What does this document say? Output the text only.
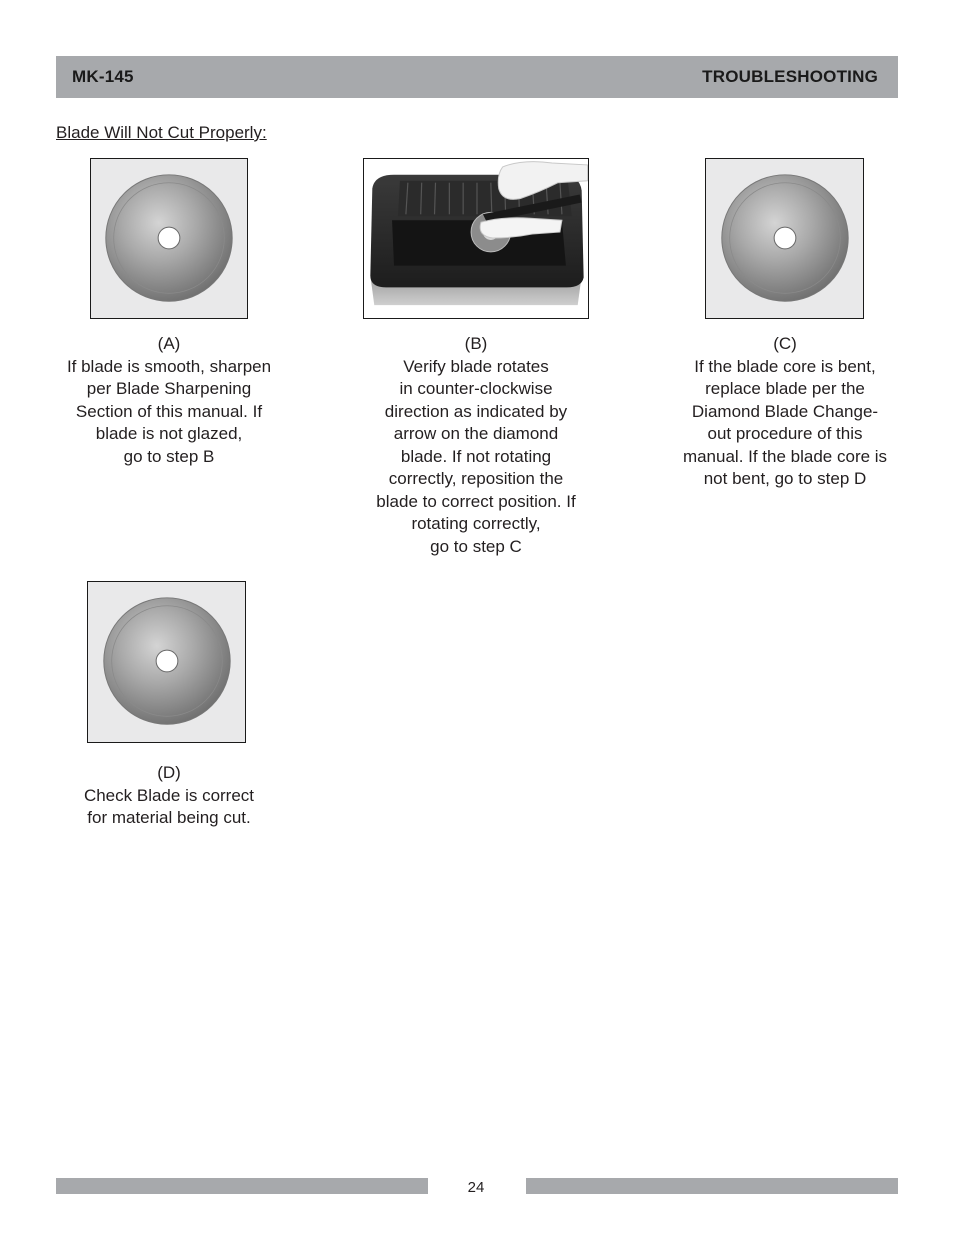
MK-145	TROUBLESHOOTING
Blade Will Not Cut Properly:
(A)
If blade is smooth, sharpen
per Blade Sharpening
Section of this manual. If
blade is not glazed,
go to step B
(B)
Verify blade rotates
in counter-clockwise
direction as indicated by
arrow on the diamond
blade. If not rotating
correctly, reposition the
blade to correct position. If
rotating correctly,
go to step C
(C)
If the blade core is bent,
replace blade per the
Diamond Blade Change-
out procedure of this
manual. If the blade core is
not bent, go to step D
(D)
Check Blade is correct
for material being cut.
24
